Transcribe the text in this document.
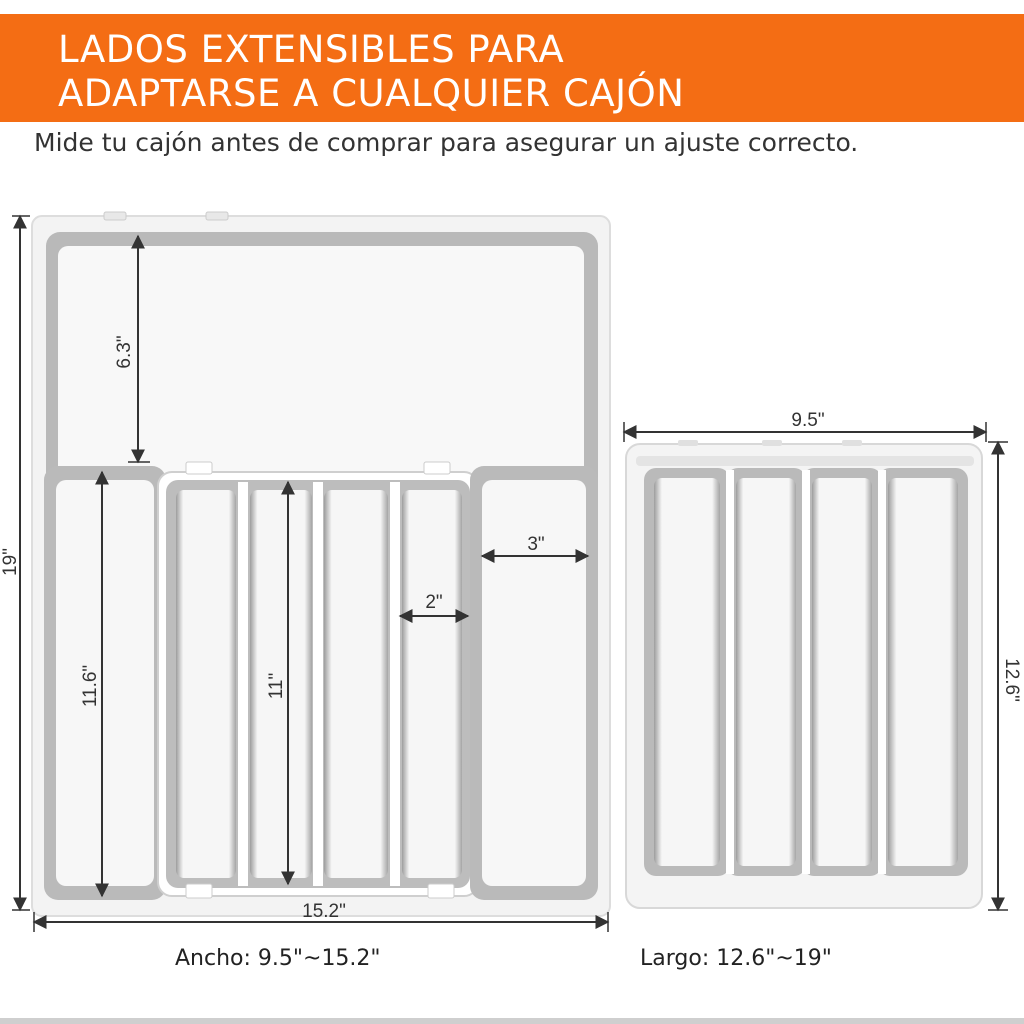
LADOS EXTENSIBLES PARA
ADAPTARSE A CUALQUIER CAJÓN
Mide tu cajón antes de comprar para asegurar un ajuste correcto.
19"
6.3"
11.6"	11"
2"
3"
15.2"
9.5"
12.6"
Ancho: 9.5"~15.2"	Largo: 12.6"~19"
